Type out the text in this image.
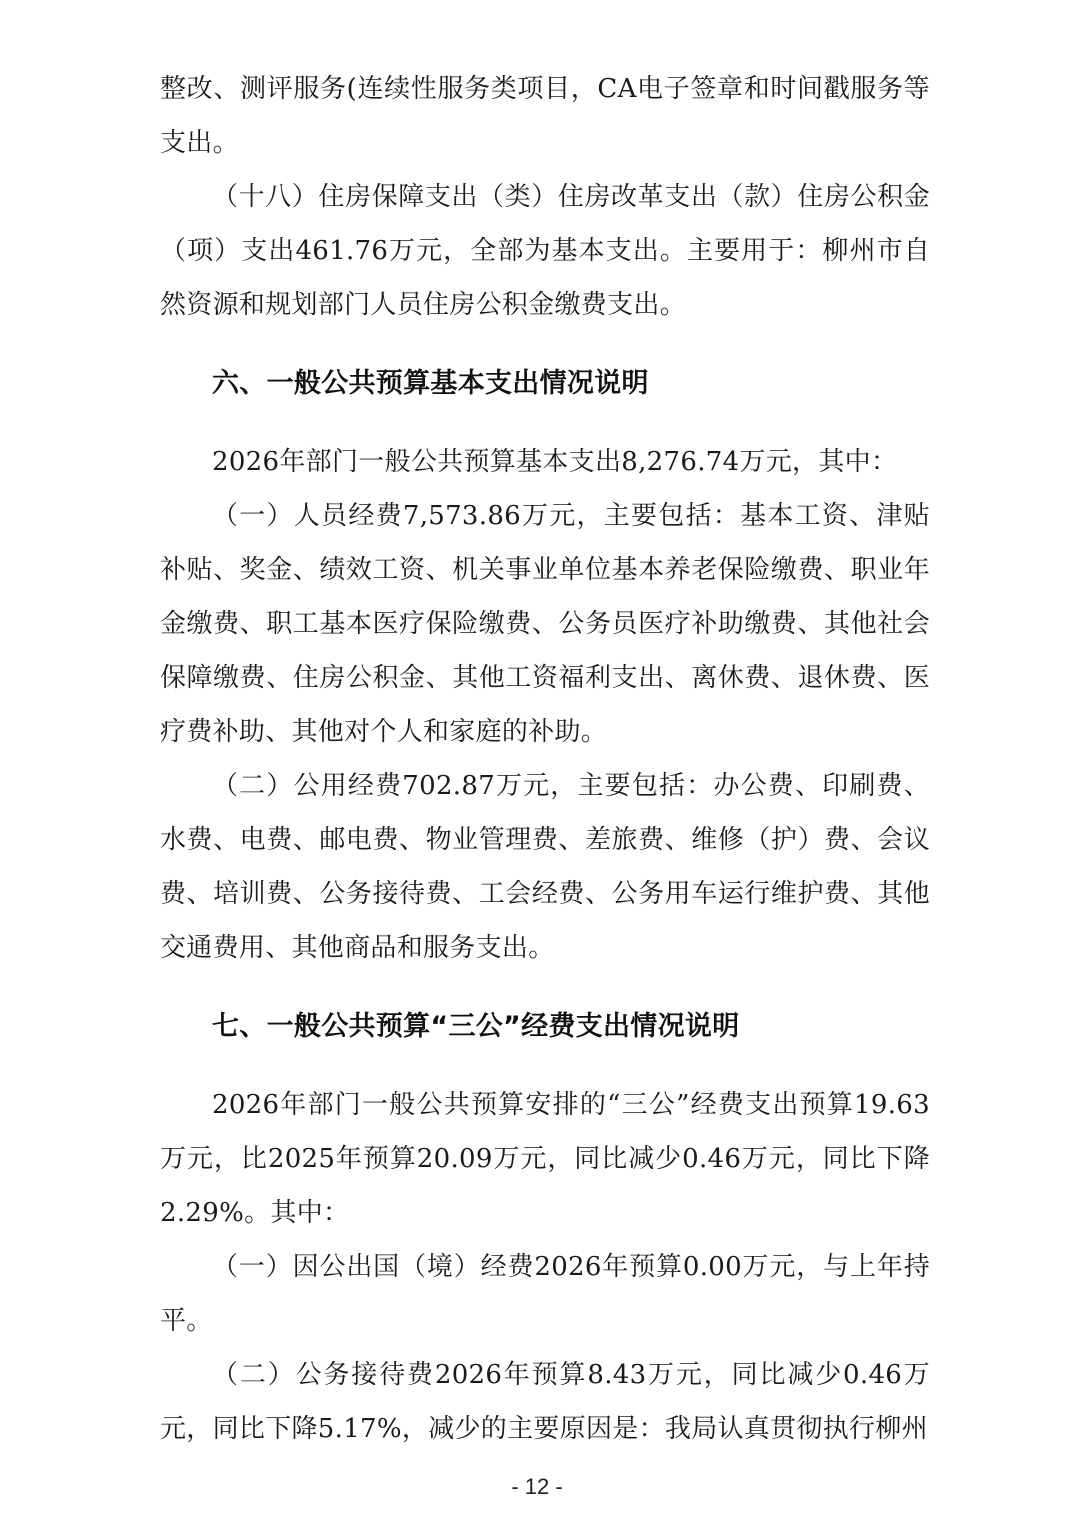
整改、测评服务(连续性服务类项目，CA电子签章和时间戳服务等支出。

（十八）住房保障支出（类）住房改革支出（款）住房公积金（项）支出461.76万元，全部为基本支出。主要用于：柳州市自然资源和规划部门人员住房公积金缴费支出。

六、一般公共预算基本支出情况说明

2026年部门一般公共预算基本支出8,276.74万元，其中：

（一）人员经费7,573.86万元，主要包括：基本工资、津贴补贴、奖金、绩效工资、机关事业单位基本养老保险缴费、职业年金缴费、职工基本医疗保险缴费、公务员医疗补助缴费、其他社会保障缴费、住房公积金、其他工资福利支出、离休费、退休费、医疗费补助、其他对个人和家庭的补助。

（二）公用经费702.87万元，主要包括：办公费、印刷费、水费、电费、邮电费、物业管理费、差旅费、维修（护）费、会议费、培训费、公务接待费、工会经费、公务用车运行维护费、其他交通费用、其他商品和服务支出。

七、一般公共预算“三公”经费支出情况说明

2026年部门一般公共预算安排的“三公”经费支出预算19.63万元，比2025年预算20.09万元，同比减少0.46万元，同比下降2.29%。其中：

（一）因公出国（境）经费2026年预算0.00万元，与上年持平。

（二）公务接待费2026年预算8.43万元，同比减少0.46万元，同比下降5.17%，减少的主要原因是：我局认真贯彻执行柳州

- 12 -
